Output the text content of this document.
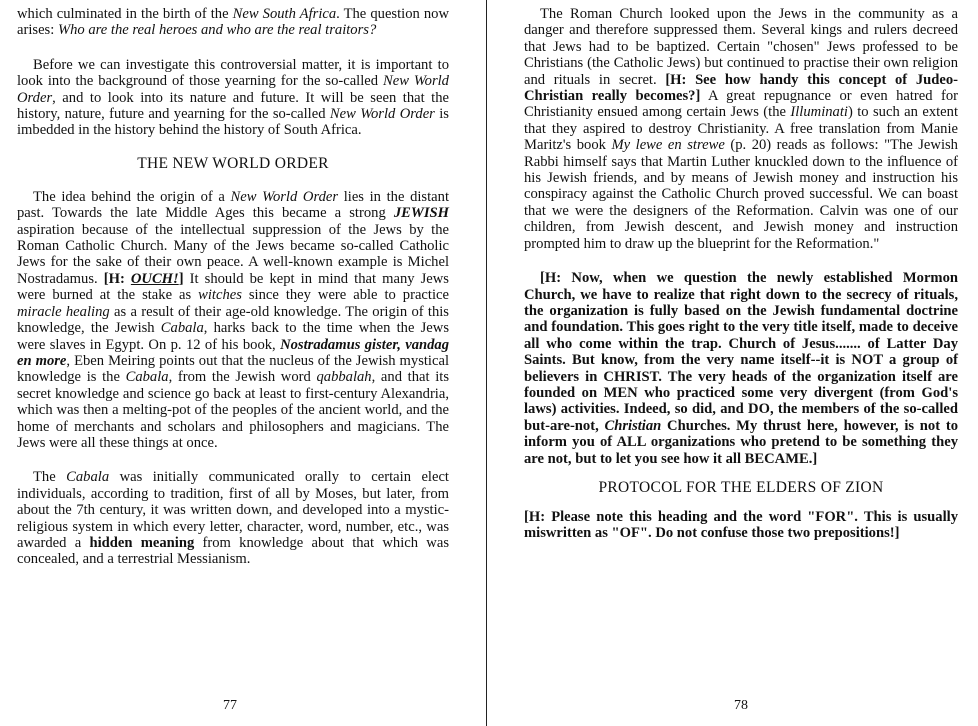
which culminated in the birth of the New South Africa. The question now arises: Who are the real heroes and who are the real traitors?

Before we can investigate this controversial matter, it is important to look into the background of those yearning for the so-called New World Order, and to look into its nature and future. It will be seen that the history, nature, future and yearning for the so-called New World Order is imbedded in the history behind the history of South Africa.

THE NEW WORLD ORDER

The idea behind the origin of a New World Order lies in the distant past. Towards the late Middle Ages this became a strong JEWISH aspiration because of the intellectual suppression of the Jews by the Roman Catholic Church. Many of the Jews became so-called Catholic Jews for the sake of their own peace. A well-known example is Michel Nostradamus. [H: OUCH!] It should be kept in mind that many Jews were burned at the stake as witches since they were able to practice miracle healing as a result of their age-old knowledge. The origin of this knowledge, the Jewish Cabala, harks back to the time when the Jews were slaves in Egypt. On p. 12 of his book, Nostradamus gister, vandag en more, Eben Meiring points out that the nucleus of the Jewish mystical knowledge is the Cabala, from the Jewish word qabbalah, and that its secret knowledge and science go back at least to first-century Alexandria, which was then a melting-pot of the peoples of the ancient world, and the home of merchants and scholars and philosophers and magicians. The Jews were all these things at once.

The Cabala was initially communicated orally to certain elect individuals, according to tradition, first of all by Moses, but later, from about the 7th century, it was written down, and developed into a mystic-religious system in which every letter, character, word, number, etc., was awarded a hidden meaning from knowledge about that which was concealed, and a terrestrial Messianism.

The Roman Church looked upon the Jews in the community as a danger and therefore suppressed them. Several kings and rulers decreed that Jews had to be baptized. Certain "chosen" Jews professed to be Christians (the Catholic Jews) but continued to practise their own religion and rituals in secret. [H: See how handy this concept of Judeo-Christian really becomes?] A great repugnance or even hatred for Christianity ensued among certain Jews (the Illuminati) to such an extent that they aspired to destroy Christianity. A free translation from Manie Maritz's book My lewe en strewe (p. 20) reads as follows: "The Jewish Rabbi himself says that Martin Luther knuckled down to the influence of his Jewish friends, and by means of Jewish money and instruction his conspiracy against the Catholic Church proved successful. We can boast that we were the designers of the Reformation. Calvin was one of our children, from Jewish descent, and Jewish money and instruction prompted him to draw up the blueprint for the Reformation."

[H: Now, when we question the newly established Mormon Church, we have to realize that right down to the secrecy of rituals, the organization is fully based on the Jewish fundamental doctrine and foundation. This goes right to the very title itself, made to deceive all who come within the trap. Church of Jesus....... of Latter Day Saints. But know, from the very name itself--it is NOT a group of believers in CHRIST. The very heads of the organization itself are founded on MEN who practiced some very divergent (from God's laws) activities. Indeed, so did, and DO, the members of the so-called but-are-not, Christian Churches. My thrust here, however, is not to inform you of ALL organizations who pretend to be something they are not, but to let you see how it all BECAME.]

PROTOCOL FOR THE ELDERS OF ZION

[H: Please note this heading and the word "FOR". This is usually miswritten as "OF". Do not confuse those two prepositions!]

77	78
